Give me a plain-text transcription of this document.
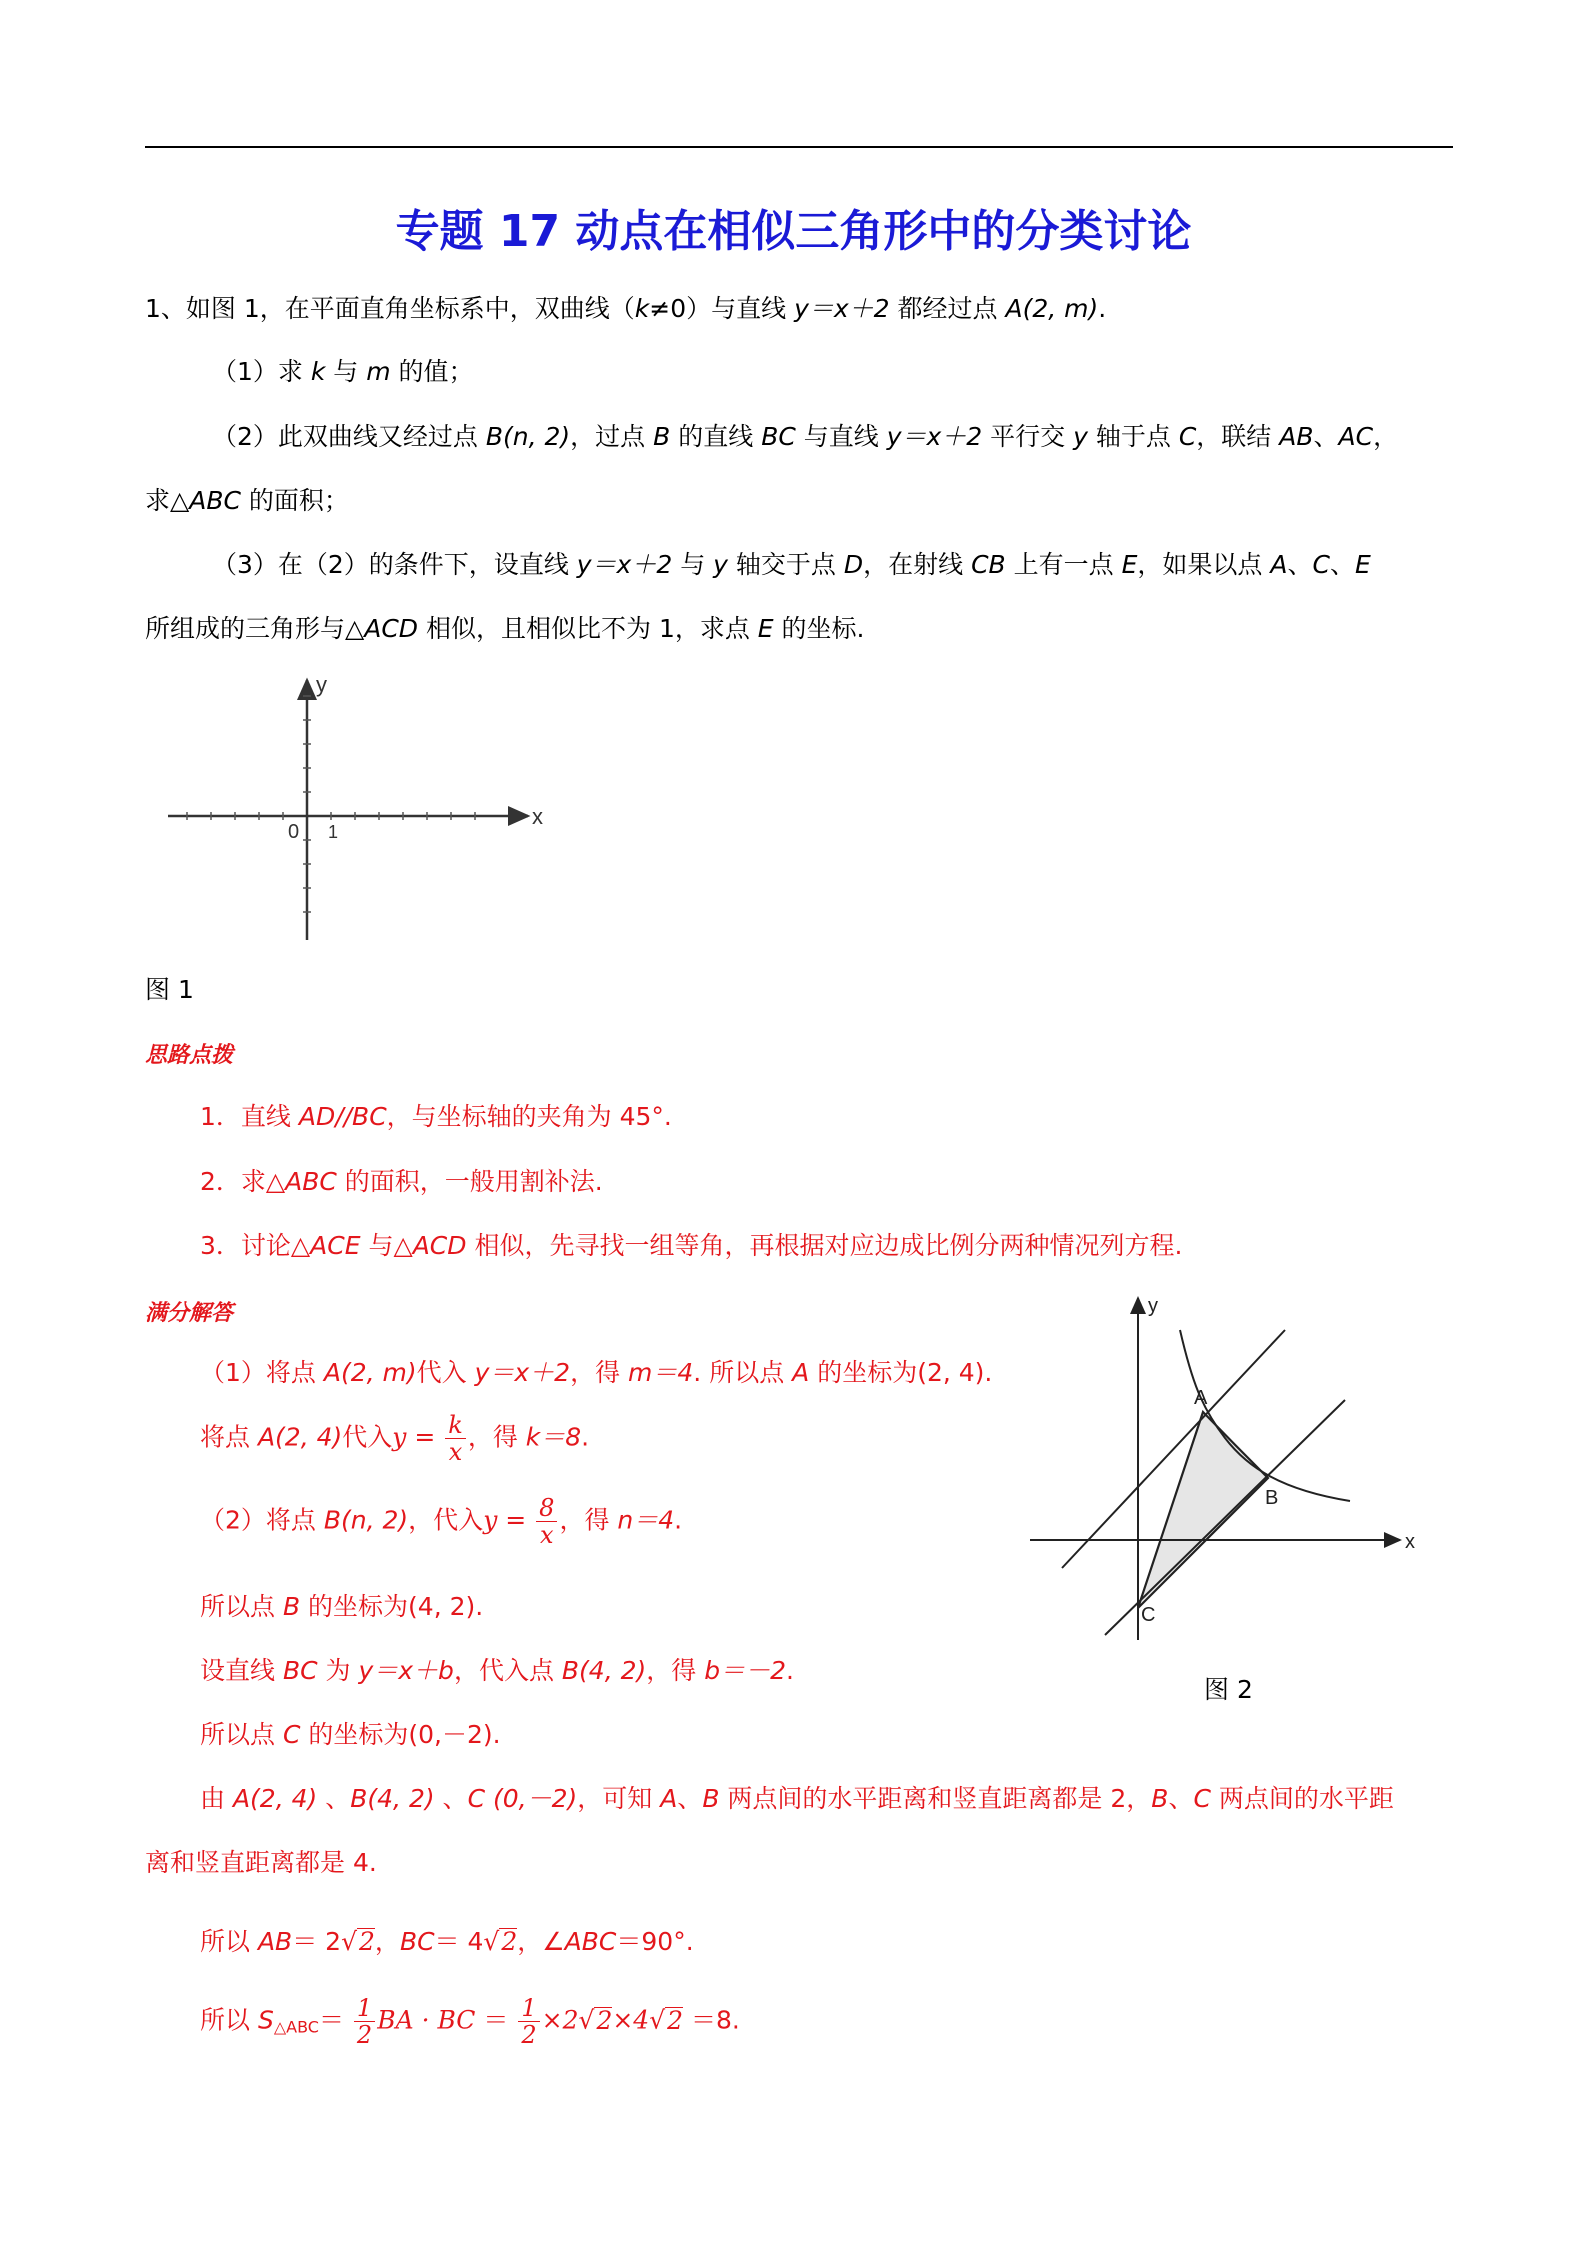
专题 17 动点在相似三角形中的分类讨论
1、如图 1，在平面直角坐标系中，双曲线（k≠0）与直线 y＝x＋2 都经过点 A(2, m).
（1）求 k 与 m 的值；
（2）此双曲线又经过点 B(n, 2)，过点 B 的直线 BC 与直线 y＝x＋2 平行交 y 轴于点 C，联结 AB、AC，
求△ABC 的面积；
（3）在（2）的条件下，设直线 y＝x＋2 与 y 轴交于点 D，在射线 CB 上有一点 E，如果以点 A、C、E
所组成的三角形与△ACD 相似，且相似比不为 1，求点 E 的坐标.
x
y
0 1
图 1
思路点拨
1．直线 AD//BC，与坐标轴的夹角为 45°.
2．求△ABC 的面积，一般用割补法.
3．讨论△ACE 与△ACD 相似，先寻找一组等角，再根据对应边成比例分两种情况列方程.
满分解答
（1）将点 A(2, m)代入 y＝x＋2，得 m＝4. 所以点 A 的坐标为(2, 4).
将点 A(2, 4)代入$y = \frac{k}{x}$ ，得 k＝8.
（2）将点 B(n, 2)，代入$y = \frac{8}{x}$ ，得 n＝4.
所以点 B 的坐标为(4, 2).
设直线 BC 为 y＝x＋b，代入点 B(4, 2)，得 b＝－2.
所以点 C 的坐标为(0,－2).
由 A(2, 4) 、B(4, 2) 、C (0,－2)，可知 A、B 两点间的水平距离和竖直距离都是 2，B、C 两点间的水平距
离和竖直距离都是 4.
所以 AB＝ 2√2，BC＝ 4√2，∠ABC＝90°.
所以 $S_{\triangle ABC}= \frac{1}{2}$ BA · BC ＝ $\frac{1}{2} \times 2√2\times 4√2 =8$.
x
y
A
B
C
图 2
